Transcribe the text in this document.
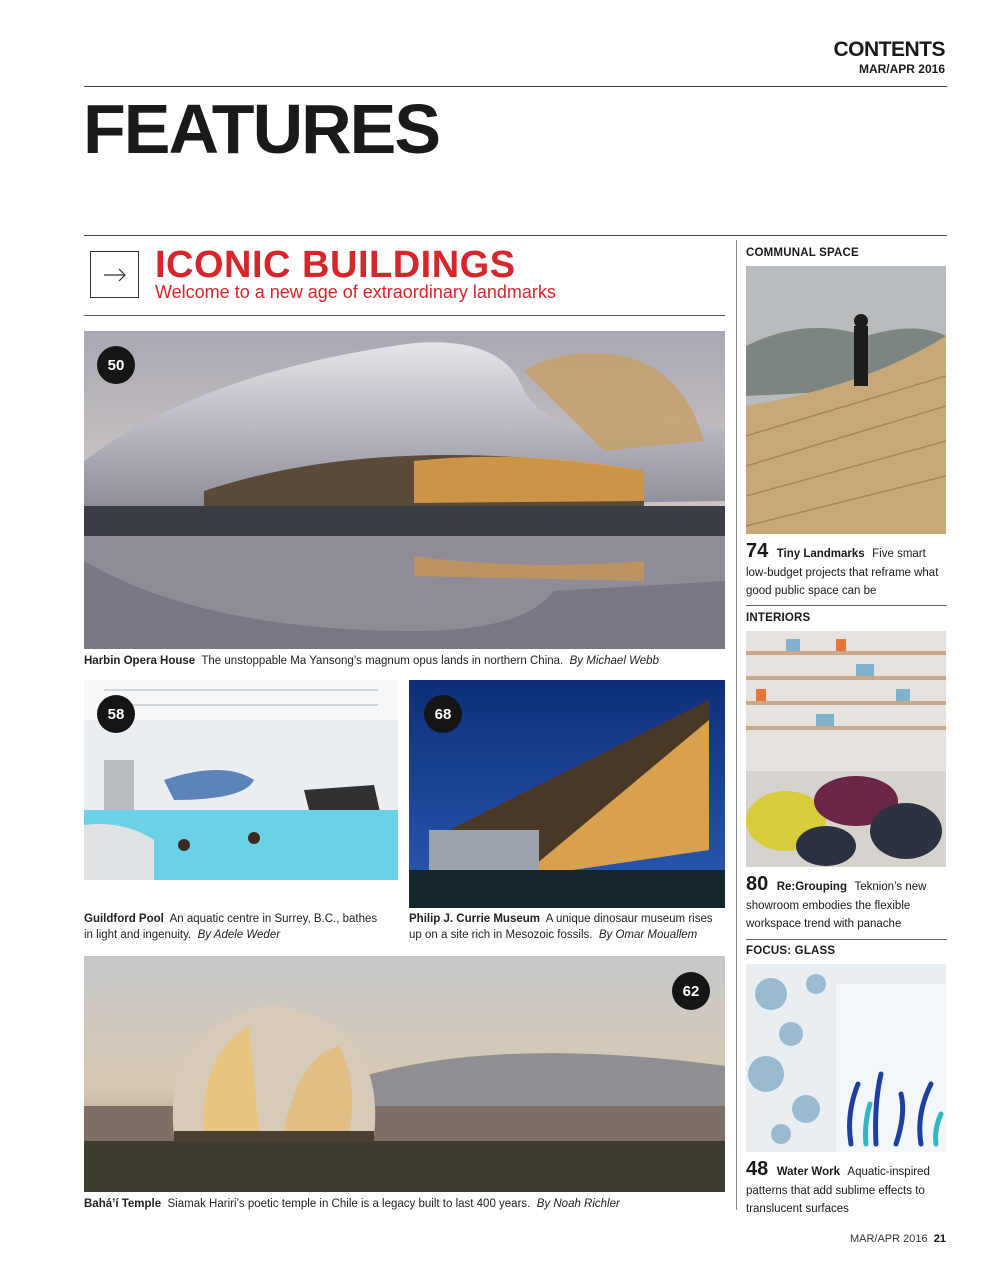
CONTENTS
MAR/APR 2016
FEATURES
ICONIC BUILDINGS
Welcome to a new age of extraordinary landmarks
50
Harbin Opera House The unstoppable Ma Yansong’s magnum opus lands in northern China. By Michael Webb
58
Guildford Pool An aquatic centre in Surrey, B.C., bathes in light and ingenuity. By Adele Weder
68
Philip J. Currie Museum A unique dinosaur museum rises up on a site rich in Mesozoic fossils. By Omar Mouallem
62
Bahá’í Temple Siamak Hariri’s poetic temple in Chile is a legacy built to last 400 years. By Noah Richler
COMMUNAL SPACE
74 Tiny Landmarks Five smart low-budget projects that reframe what good public space can be
INTERIORS
80 Re:Grouping Teknion’s new showroom embodies the flexible workspace trend with panache
FOCUS: GLASS
48 Water Work Aquatic-inspired patterns that add sublime effects to translucent surfaces
MAR/APR 2016 21
